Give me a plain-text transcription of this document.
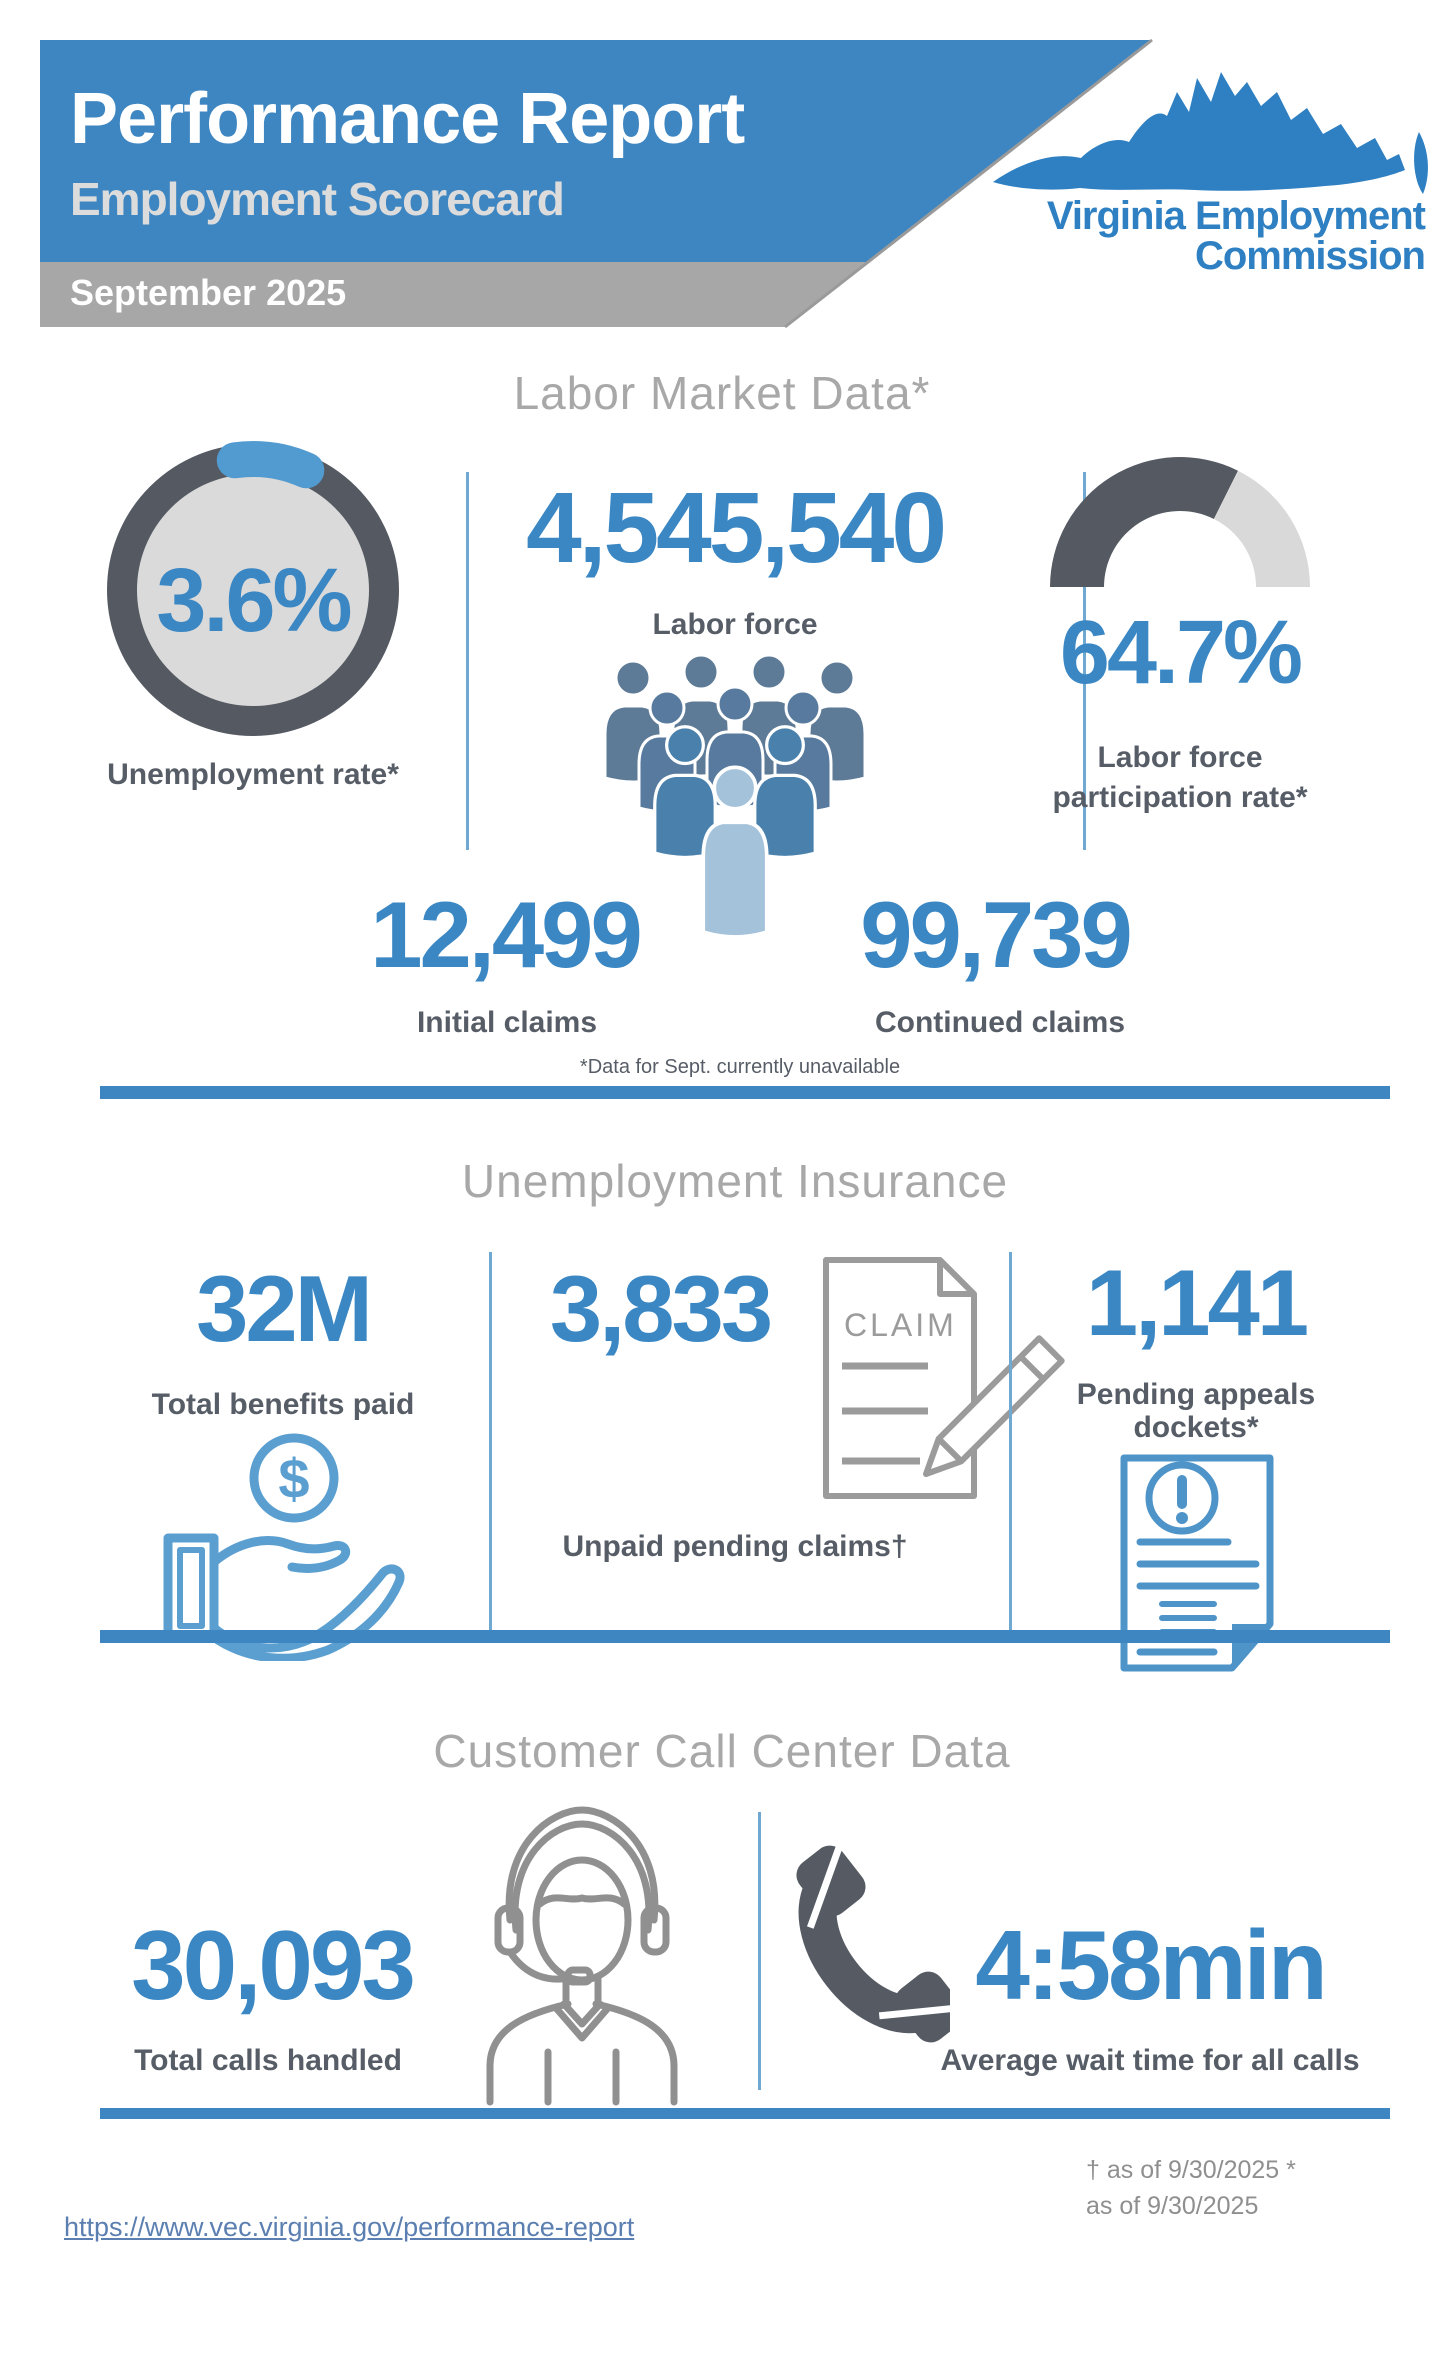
Performance Report
Employment Scorecard
September 2025
Virginia Employment
Commission
Labor Market Data*
3.6%
Unemployment rate*
4,545,540
Labor force	64.7%
Labor force
participation rate*
12,499
Initial claims
99,739
Continued claims
*Data for Sept. currently unavailable
Unemployment Insurance
32M
Total benefits paid
$
3,833	CLAIM
Unpaid pending claims†
1,141
Pending appeals
dockets*
Customer Call Center Data
30,093
Total calls handled
4:58min
Average wait time for all calls
† as of 9/30/2025 *
as of 9/30/2025
https://www.vec.virginia.gov/performance-report
